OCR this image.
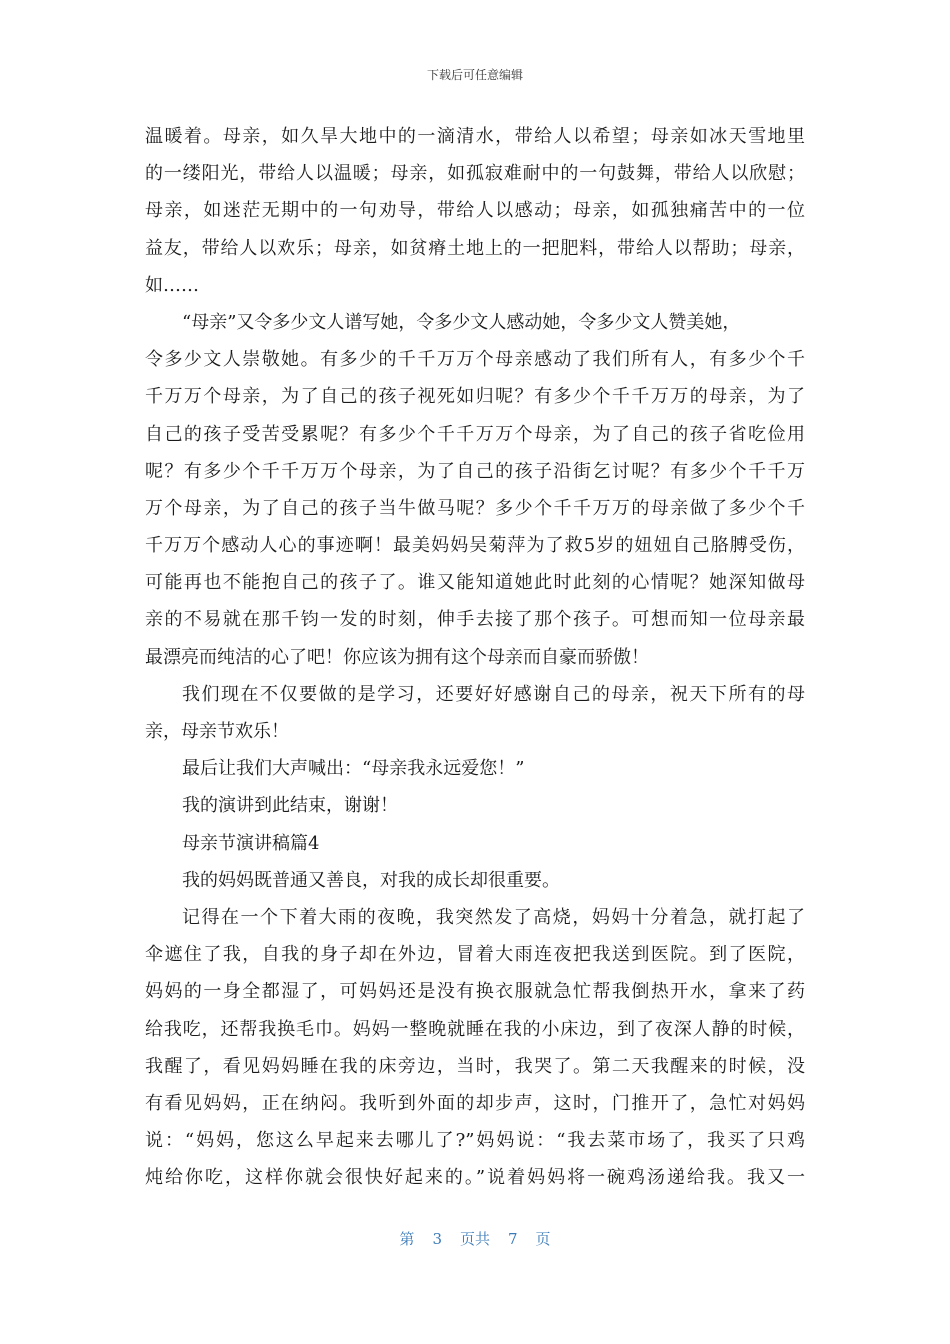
下载后可任意编辑
温暖着。母亲，如久旱大地中的一滴清水，带给人以希望；母亲如冰天雪地里
的一缕阳光，带给人以温暖；母亲，如孤寂难耐中的一句鼓舞，带给人以欣慰；
母亲，如迷茫无期中的一句劝导，带给人以感动；母亲，如孤独痛苦中的一位
益友，带给人以欢乐；母亲，如贫瘠土地上的一把肥料，带给人以帮助；母亲，
如……
“母亲”又令多少文人谱写她，令多少文人感动她，令多少文人赞美她，
令多少文人崇敬她。有多少的千千万万个母亲感动了我们所有人，有多少个千
千万万个母亲，为了自己的孩子视死如归呢？有多少个千千万万的母亲，为了
自己的孩子受苦受累呢？有多少个千千万万个母亲，为了自己的孩子省吃俭用
呢？有多少个千千万万个母亲，为了自己的孩子沿街乞讨呢？有多少个千千万
万个母亲，为了自己的孩子当牛做马呢？多少个千千万万的母亲做了多少个千
千万万个感动人心的事迹啊！最美妈妈吴菊萍为了救5岁的妞妞自己胳膊受伤，
可能再也不能抱自己的孩子了。谁又能知道她此时此刻的心情呢？她深知做母
亲的不易就在那千钧一发的时刻，伸手去接了那个孩子。可想而知一位母亲最
最漂亮而纯洁的心了吧！你应该为拥有这个母亲而自豪而骄傲！
我们现在不仅要做的是学习，还要好好感谢自己的母亲，祝天下所有的母
亲，母亲节欢乐！
最后让我们大声喊出：“母亲我永远爱您！”
我的演讲到此结束，谢谢！
母亲节演讲稿篇4
我的妈妈既普通又善良，对我的成长却很重要。
记得在一个下着大雨的夜晚，我突然发了高烧，妈妈十分着急，就打起了
伞遮住了我，自我的身子却在外边，冒着大雨连夜把我送到医院。到了医院，
妈妈的一身全都湿了，可妈妈还是没有换衣服就急忙帮我倒热开水，拿来了药
给我吃，还帮我换毛巾。妈妈一整晚就睡在我的小床边，到了夜深人静的时候，
我醒了，看见妈妈睡在我的床旁边，当时，我哭了。第二天我醒来的时候，没
有看见妈妈，正在纳闷。我听到外面的却步声，这时，门推开了，急忙对妈妈
说：“妈妈，您这么早起来去哪儿了?”妈妈说：“我去菜市场了，我买了只鸡
炖给你吃，这样你就会很快好起来的。”说着妈妈将一碗鸡汤递给我。我又一
第 3 页共 7 页
